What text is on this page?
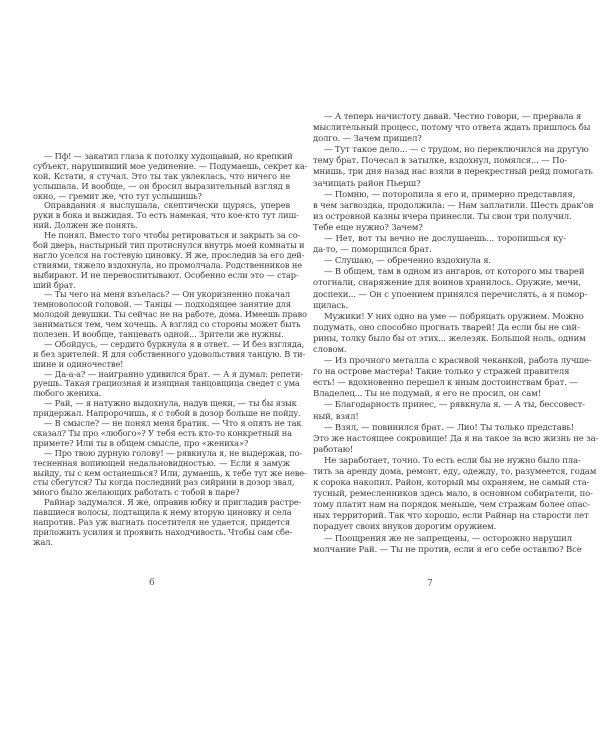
— Пф! — закатил глаза к потолку худощавый, но крепкий
субъект, нарушивший мое уединение. — Подумаешь, секрет ка-
кой. Кстати, я стучал. Это ты так увлеклась, что ничего не
услышала. И вообще, — он бросил выразительный взгляд в
окно, — гремит же, что тут услышишь?
Оправдания я выслушала, скептически щурясь, уперев
руки в бока и выжидая. То есть намекая, что кое-кто тут лиш-
ний. Должен же понять.
Не понял. Вместо того чтобы ретироваться и закрыть за со-
бой дверь, настырный тип протиснулся внутрь моей комнаты и
нагло уселся на гостевую циновку. Я же, проследив за его дей-
ствиями, тяжело вздохнула, но промолчала. Родственников не
выбирают. И не перевоспитывают. Особенно если это — стар-
ший брат.
— Ты чего на меня взъелась? — Он укоризненно покачал
темноволосой головой. — Танцы — подходящее занятие для
молодой девушки. Ты сейчас не на работе, дома. Имеешь право
заниматься тем, чем хочешь. А взгляд со стороны может быть
полезен. И вообще, танцевать одной... Зрители же нужны.
— Обойдусь, — сердито буркнула я в ответ. — И без взгляда,
и без зрителей. Я для собственного удовольствия танцую. В ти-
шине и одиночестве!
— Да-а-а? — наигранно удивился брат. — А я думал: репети-
руешь. Такая грациозная и изящная танцовщица сведет с ума
любого жениха.
— Рай, — я натужно выдохнула, надув щеки, — ты бы язык
придержал. Напророчишь, я с тобой в дозор больше не пойду.
— В смысле? — не понял меня братик. — Что я опять не так
сказал? Ты про «любого»? У тебя есть кто-то конкретный на
примете? Или ты в общем смысле, про «жениха»?
— Про твою дурную голову! — рявкнула я, не выдержав, по-
тесненная вопиющей недальновидностью. — Если я замуж
выйду, ты с кем останешься? Или, думаешь, к тебе тут же неве-
сты сбегутся? Ты когда последний раз сийрини в дозор звал,
много было желающих работать с тобой в паре?
Райнар задумался. Я же, оправив юбку и пригладив растре-
павшиеся волосы, подтащила к нему вторую циновку и села
напротив. Раз уж выгнать посетителя не удается, придется
приложить усилия и проявить находчивость. Чтобы сам сбе-
жал.
— А теперь начистоту давай. Честно говори, — прервала я
мыслительный процесс, потому что ответа ждать пришлось бы
долго. — Зачем пришел?
— Тут такое дело... — с трудом, но переключился на другую
тему брат. Почесал в затылке, вздохнул, помялся... — По-
мнишь, три дня назад нас взяли в перекрестный рейд помогать
зачищать район Пьерш?
— Помню, — поторопила я его и, примерно представляя,
в чем загвоздка, продолжила: — Нам заплатили. Шесть драк'ов
из островной казны вчера принесли. Ты свои три получил.
Тебе еще нужно? Зачем?
— Нет, вот ты вечно не дослушаешь... торопишься ку-
да-то, — поморщился брат.
— Слушаю, — обреченно вздохнула я.
— В общем, там в одном из ангаров, от которого мы тварей
отогнали, снаряжение для воинов хранилось. Оружие, мечи,
доспехи... — Он с упоением принялся перечислять, а я помор-
щилась.
Мужики! У них одно на уме — побряцать оружием. Можно
подумать, оно способно прогнать тварей! Да если бы не сий-
рины, толку было бы от этих... железяк. Большой ноль, одним
словом.
— Из прочного металла с красивой чеканкой, работа лучше-
го на острове мастера! Такие только у стражей правителя
есть! — вдохновенно перешел к иным достоинствам брат. —
Владелец... Ты не подумай, я его не просил, он сам!
— Благодарность принес, — рявкнула я. — А ты, бессовест-
ный, взял!
— Взял, — повинился брат. — Лио! Ты только представь!
Это же настоящее сокровище! Да я на такое за всю жизнь не за-
работаю!
Не заработает, точно. То есть если бы не нужно было пла-
тить за аренду дома, ремонт, еду, одежду, то, разумеется, годам
к сорока накопил. Район, который мы охраняем, не самый ста-
тусный, ремесленников здесь мало, в основном собиратели, по-
тому платят нам на порядок меньше, чем стражам более опас-
ных территорий. Так что хорошо, если Райнар на старости лет
порадует своих внуков дорогим оружием.
— Поощрения же не запрещены, — осторожно нарушил
молчание Рай. — Ты не против, если я его себе оставлю? Все
6	7
